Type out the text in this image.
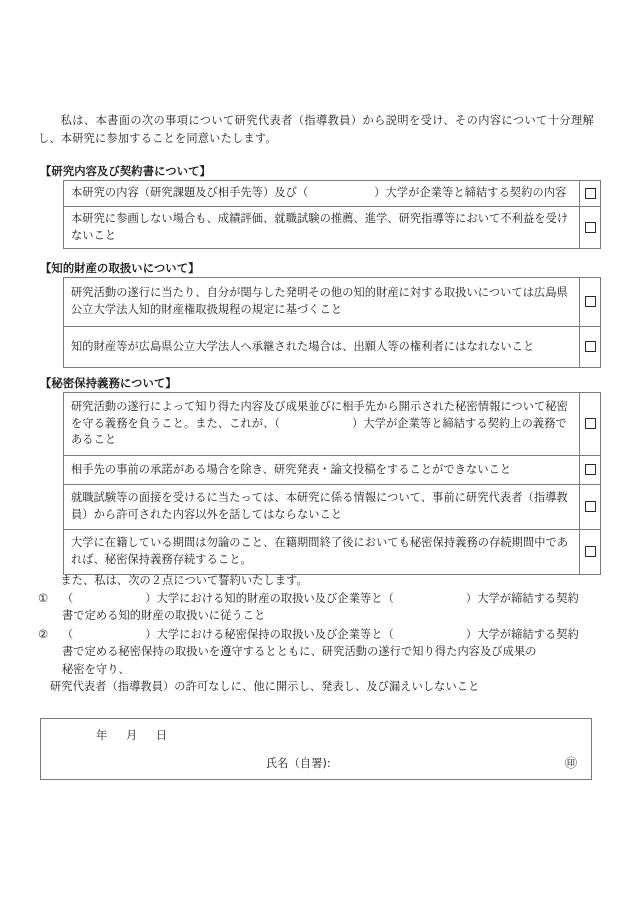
私は、本書面の次の事項について研究代表者（指導教員）から説明を受け、その内容について十分理解し、本研究に参加することを同意いたします。

【研究内容及び契約書について】
本研究の内容（研究課題及び相手先等）及び（ ）大学が企業等と締結する契約の内容	
本研究に参画しない場合も、成績評価、就職試験の推薦、進学、研究指導等において不利益を受けないこと	
【知的財産の取扱いについて】
研究活動の遂行に当たり、自分が関与した発明その他の知的財産に対する取扱いについては広島県公立大学法人知的財産権取扱規程の規定に基づくこと	
知的財産等が広島県公立大学法人へ承継された場合は、出願人等の権利者にはなれないこと	
【秘密保持義務について】
研究活動の遂行によって知り得た内容及び成果並びに相手先から開示された秘密情報について秘密を守る義務を負うこと。また、これが、（ ）大学が企業等と締結する契約上の義務であること	
相手先の事前の承諾がある場合を除き、研究発表・論文投稿をすることができないこと	
就職試験等の面接を受けるに当たっては、本研究に係る情報について、事前に研究代表者（指導教員）から許可された内容以外を話してはならないこと	
大学に在籍している期間は勿論のこと、在籍期間終了後においても秘密保持義務の存続期間中であれば、秘密保持義務存続すること。	
また、私は、次の２点について誓約いたします。
① （	）大学における知的財産の取扱い及び企業等と（	）大学が締結する契約
書で定める知的財産の取扱いに従うこと
② （	）大学における秘密保持の取扱い及び企業等と（	）大学が締結する契約
書で定める秘密保持の取扱いを遵守するとともに、研究活動の遂行で知り得た内容及び成果の
秘密を守り、
研究代表者（指導教員）の許可なしに、他に開示し、発表し、及び漏えいしないこと
年 月 日
氏名（自署):	㊞
